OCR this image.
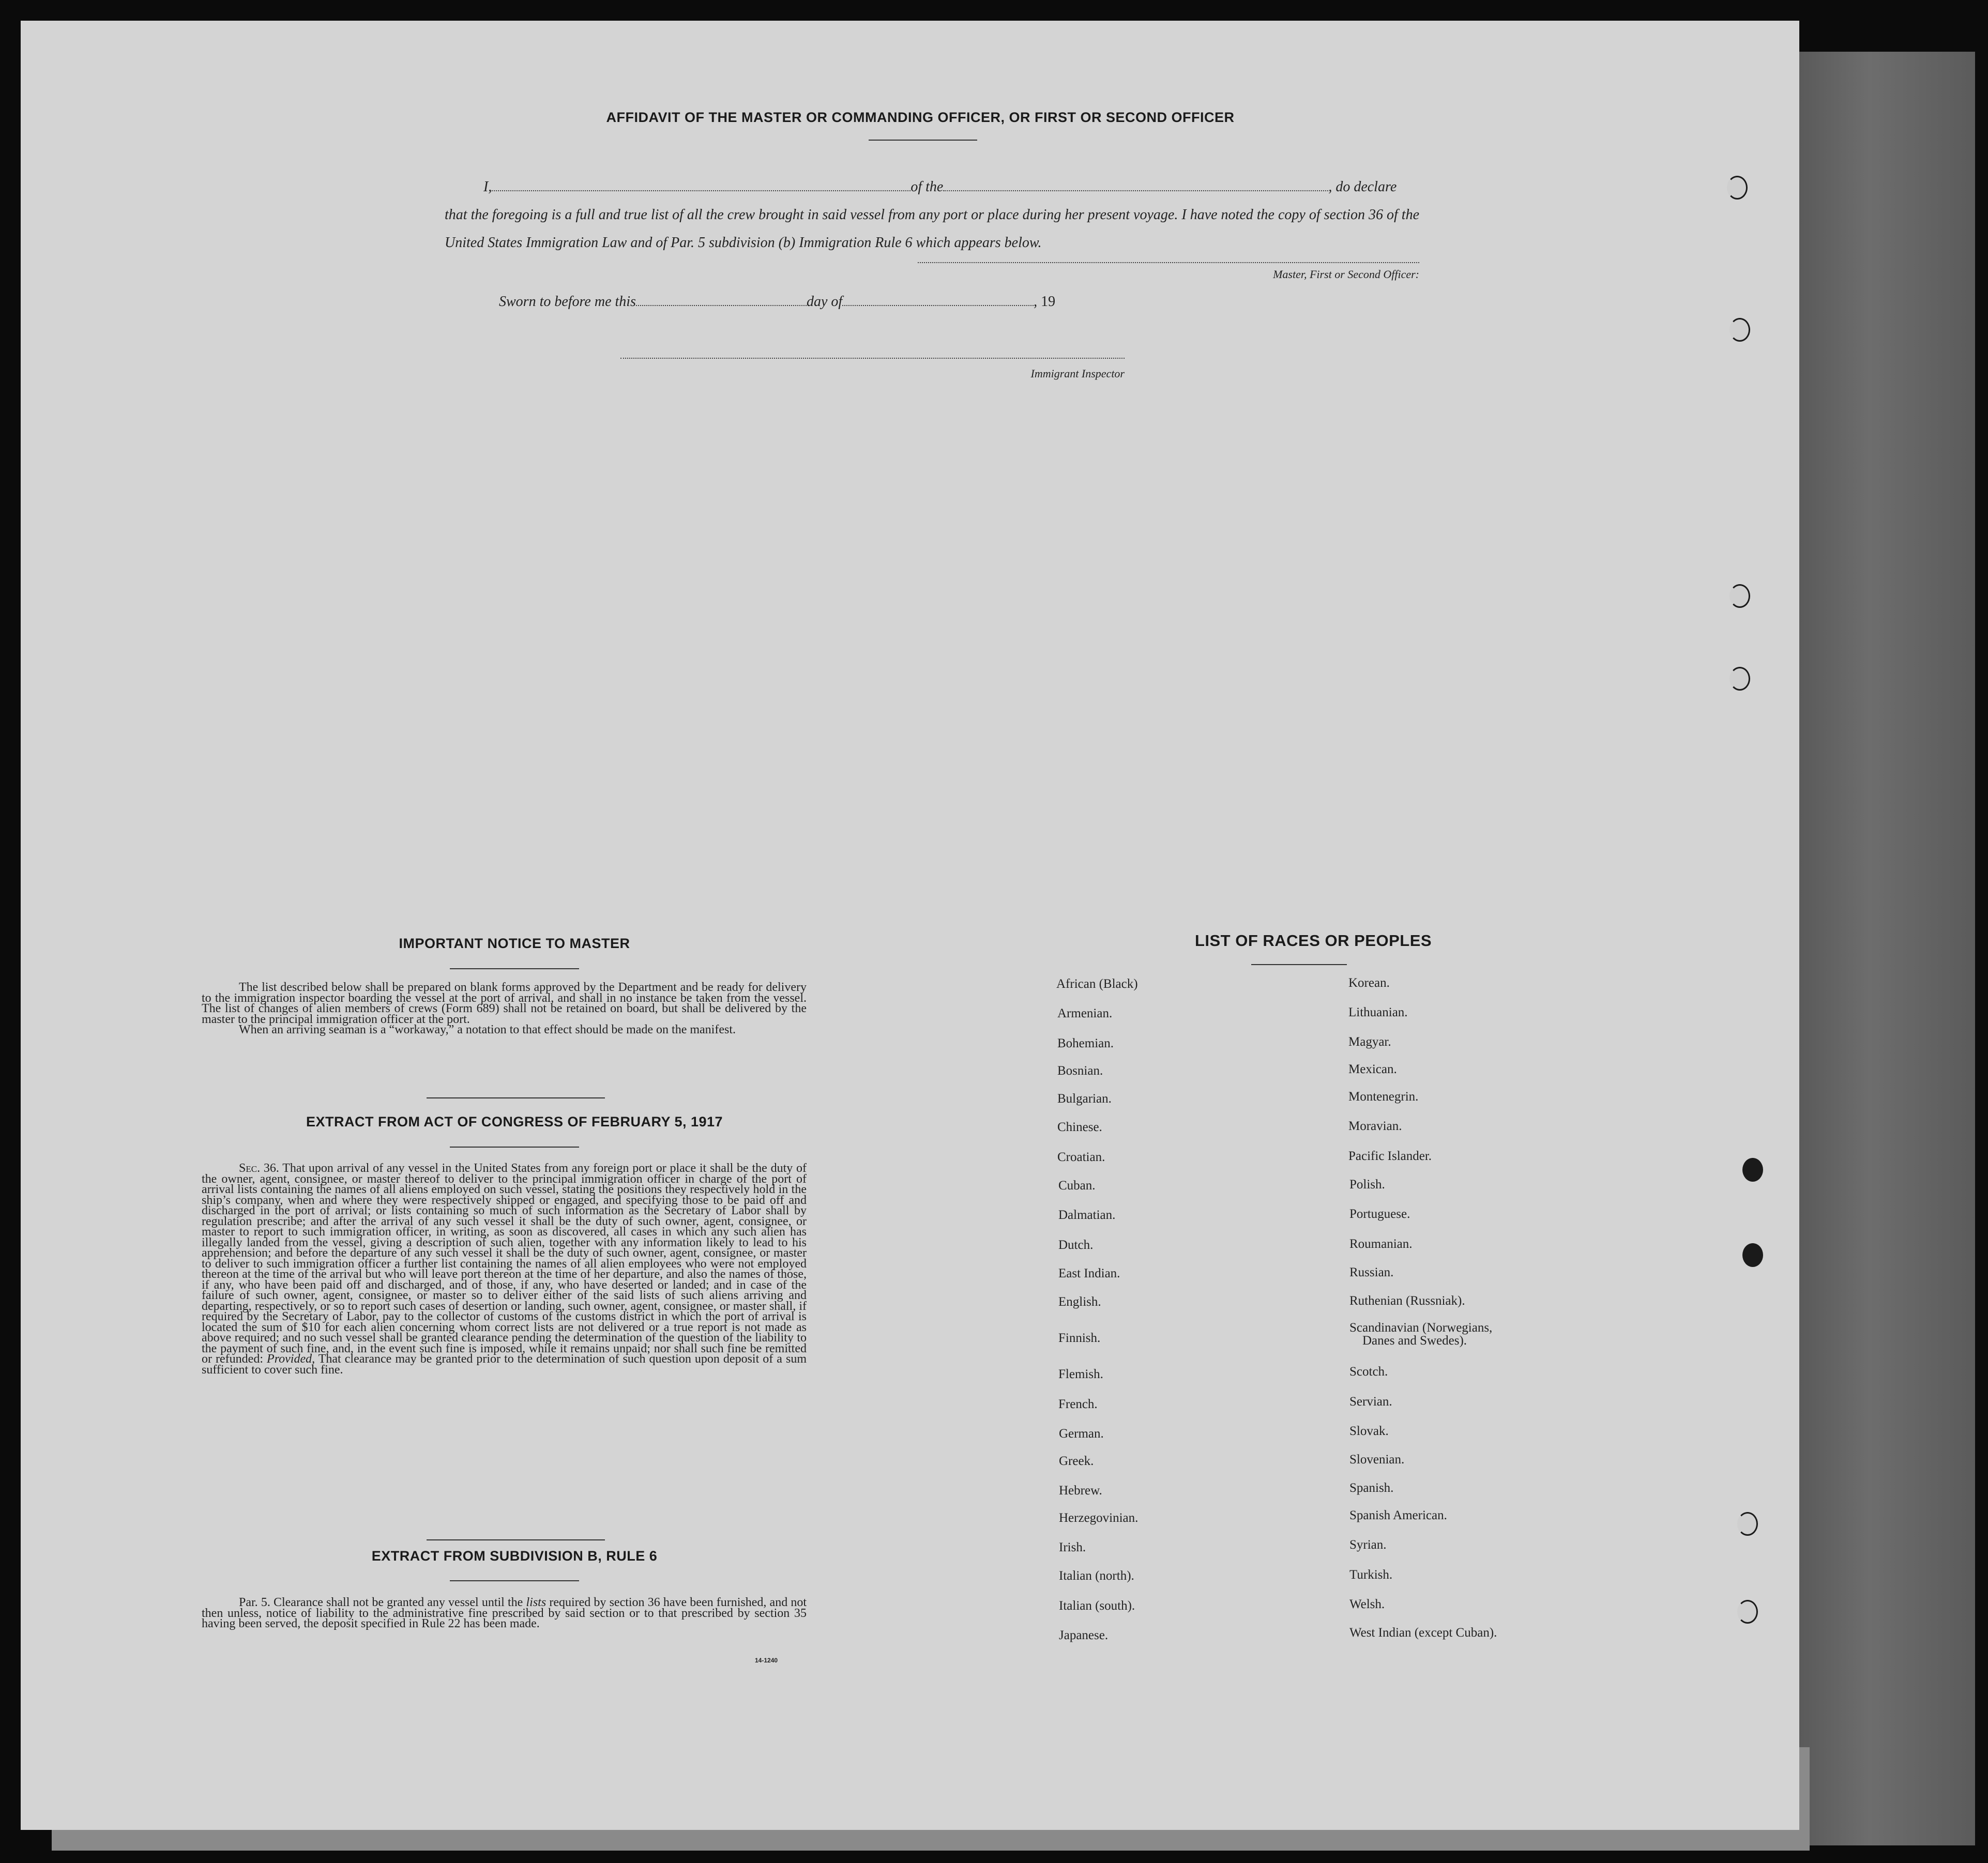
AFFIDAVIT OF THE MASTER OR COMMANDING OFFICER, OR FIRST OR SECOND OFFICER
I,	of the	, do declare
that the foregoing is a full and true list of all the crew brought in said vessel from any port or place during her present voyage. I have noted the copy of section 36 of the United States Immigration Law and of Par. 5 subdivision (b) Immigration Rule 6 which appears below.
Master, First or Second Officer:
Sworn to before me this	day of	, 19
Immigrant Inspector
IMPORTANT NOTICE TO MASTER

The list described below shall be prepared on blank forms approved by the Department and be ready for delivery to the immigration inspector boarding the vessel at the port of arrival, and shall in no instance be taken from the vessel. The list of changes of alien members of crews (Form 689) shall not be retained on board, but shall be delivered by the master to the principal immigration officer at the port.

When an arriving seaman is a “workaway,” a notation to that effect should be made on the manifest.

EXTRACT FROM ACT OF CONGRESS OF FEBRUARY 5, 1917

Sec. 36. That upon arrival of any vessel in the United States from any foreign port or place it shall be the duty of the owner, agent, consignee, or master thereof to deliver to the principal immigration officer in charge of the port of arrival lists containing the names of all aliens employed on such vessel, stating the positions they respectively hold in the ship’s company, when and where they were respectively shipped or engaged, and specifying those to be paid off and discharged in the port of arrival; or lists containing so much of such information as the Secretary of Labor shall by regulation prescribe; and after the arrival of any such vessel it shall be the duty of such owner, agent, consignee, or master to report to such immigration officer, in writing, as soon as discovered, all cases in which any such alien has illegally landed from the vessel, giving a description of such alien, together with any information likely to lead to his apprehension; and before the departure of any such vessel it shall be the duty of such owner, agent, consignee, or master to deliver to such immigration officer a further list containing the names of all alien employees who were not employed thereon at the time of the arrival but who will leave port thereon at the time of her departure, and also the names of those, if any, who have been paid off and discharged, and of those, if any, who have deserted or landed; and in case of the failure of such owner, agent, consignee, or master so to deliver either of the said lists of such aliens arriving and departing, respectively, or so to report such cases of desertion or landing, such owner, agent, consignee, or master shall, if required by the Secretary of Labor, pay to the collector of customs of the customs district in which the port of arrival is located the sum of $10 for each alien concerning whom correct lists are not delivered or a true report is not made as above required; and no such vessel shall be granted clearance pending the determination of the question of the liability to the payment of such fine, and, in the event such fine is imposed, while it remains unpaid; nor shall such fine be remitted or refunded: Provided, That clearance may be granted prior to the determination of such question upon deposit of a sum sufficient to cover such fine.

EXTRACT FROM SUBDIVISION B, RULE 6

Par. 5. Clearance shall not be granted any vessel until the lists required by section 36 have been furnished, and not then unless, notice of liability to the administrative fine prescribed by said section or to that prescribed by section 35 having been served, the deposit specified in Rule 22 has been made.

14-1240
LIST OF RACES OR PEOPLES
African (Black)
Armenian.
Bohemian.
Bosnian.
Bulgarian.
Chinese.
Croatian.
Cuban.
Dalmatian.
Dutch.
East Indian.
English.
Finnish.
Flemish.
French.
German.
Greek.
Hebrew.
Herzegovinian.
Irish.
Italian (north).
Italian (south).
Japanese.
Korean.
Lithuanian.
Magyar.
Mexican.
Montenegrin.
Moravian.
Pacific Islander.
Polish.
Portuguese.
Roumanian.
Russian.
Ruthenian (Russniak).
Scandinavian (Norwegians,
Danes and Swedes).
Scotch.
Servian.
Slovak.
Slovenian.
Spanish.
Spanish American.
Syrian.
Turkish.
Welsh.
West Indian (except Cuban).
